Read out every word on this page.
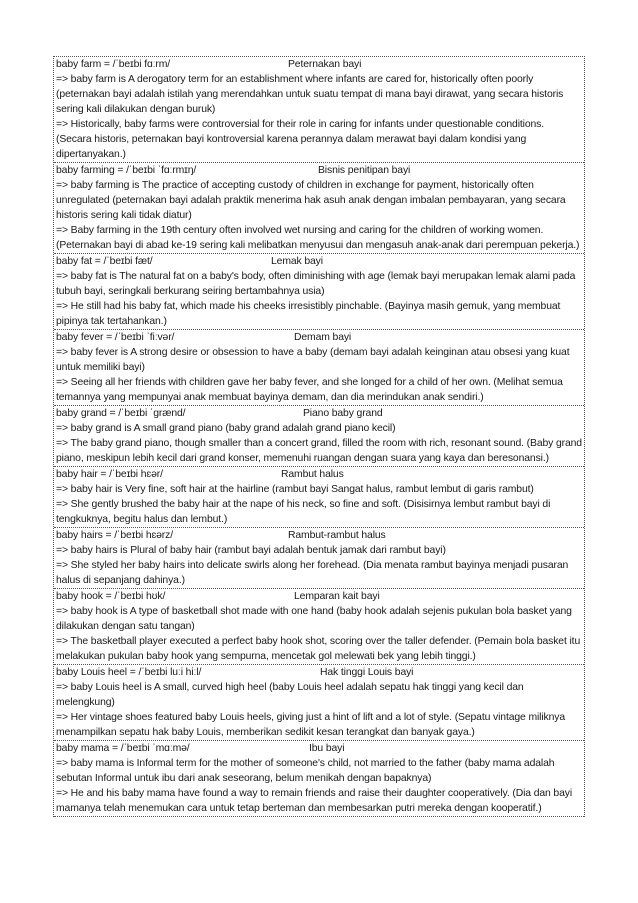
baby farm = /ˈbeɪbi fɑːrm/	Peternakan bayi

=> baby farm is A derogatory term for an establishment where infants are cared for, historically often poorly (peternakan bayi adalah istilah yang merendahkan untuk suatu tempat di mana bayi dirawat, yang secara historis sering kali dilakukan dengan buruk)

=> Historically, baby farms were controversial for their role in caring for infants under questionable conditions. (Secara historis, peternakan bayi kontroversial karena perannya dalam merawat bayi dalam kondisi yang dipertanyakan.)

baby farming = /ˈbeɪbi ˈfɑːrmɪŋ/	Bisnis penitipan bayi

=> baby farming is The practice of accepting custody of children in exchange for payment, historically often unregulated (peternakan bayi adalah praktik menerima hak asuh anak dengan imbalan pembayaran, yang secara historis sering kali tidak diatur)

=> Baby farming in the 19th century often involved wet nursing and caring for the children of working women. (Peternakan bayi di abad ke-19 sering kali melibatkan menyusui dan mengasuh anak-anak dari perempuan pekerja.)

baby fat = /ˈbeɪbi fæt/	Lemak bayi

=> baby fat is The natural fat on a baby's body, often diminishing with age (lemak bayi merupakan lemak alami pada tubuh bayi, seringkali berkurang seiring bertambahnya usia)

=> He still had his baby fat, which made his cheeks irresistibly pinchable. (Bayinya masih gemuk, yang membuat pipinya tak tertahankan.)

baby fever = /ˈbeɪbi ˈfiːvər/	Demam bayi

=> baby fever is A strong desire or obsession to have a baby (demam bayi adalah keinginan atau obsesi yang kuat untuk memiliki bayi)

=> Seeing all her friends with children gave her baby fever, and she longed for a child of her own. (Melihat semua temannya yang mempunyai anak membuat bayinya demam, dan dia merindukan anak sendiri.)

baby grand = /ˈbeɪbi ˈɡrænd/	Piano baby grand

=> baby grand is A small grand piano (baby grand adalah grand piano kecil)

=> The baby grand piano, though smaller than a concert grand, filled the room with rich, resonant sound. (Baby grand piano, meskipun lebih kecil dari grand konser, memenuhi ruangan dengan suara yang kaya dan beresonansi.)

baby hair = /ˈbeɪbi hɛər/	Rambut halus

=> baby hair is Very fine, soft hair at the hairline (rambut bayi Sangat halus, rambut lembut di garis rambut)

=> She gently brushed the baby hair at the nape of his neck, so fine and soft. (Disisirnya lembut rambut bayi di tengkuknya, begitu halus dan lembut.)

baby hairs = /ˈbeɪbi hɛərz/	Rambut-rambut halus

=> baby hairs is Plural of baby hair (rambut bayi adalah bentuk jamak dari rambut bayi)

=> She styled her baby hairs into delicate swirls along her forehead. (Dia menata rambut bayinya menjadi pusaran halus di sepanjang dahinya.)

baby hook = /ˈbeɪbi hʊk/	Lemparan kait bayi

=> baby hook is A type of basketball shot made with one hand (baby hook adalah sejenis pukulan bola basket yang dilakukan dengan satu tangan)

=> The basketball player executed a perfect baby hook shot, scoring over the taller defender. (Pemain bola basket itu melakukan pukulan baby hook yang sempurna, mencetak gol melewati bek yang lebih tinggi.)

baby Louis heel = /ˈbeɪbi luːi hiːl/	Hak tinggi Louis bayi

=> baby Louis heel is A small, curved high heel (baby Louis heel adalah sepatu hak tinggi yang kecil dan melengkung)

=> Her vintage shoes featured baby Louis heels, giving just a hint of lift and a lot of style. (Sepatu vintage miliknya menampilkan sepatu hak baby Louis, memberikan sedikit kesan terangkat dan banyak gaya.)

baby mama = /ˈbeɪbi ˈmɑːmə/	Ibu bayi

=> baby mama is Informal term for the mother of someone's child, not married to the father (baby mama adalah sebutan Informal untuk ibu dari anak seseorang, belum menikah dengan bapaknya)

=> He and his baby mama have found a way to remain friends and raise their daughter cooperatively. (Dia dan bayi mamanya telah menemukan cara untuk tetap berteman dan membesarkan putri mereka dengan kooperatif.)
